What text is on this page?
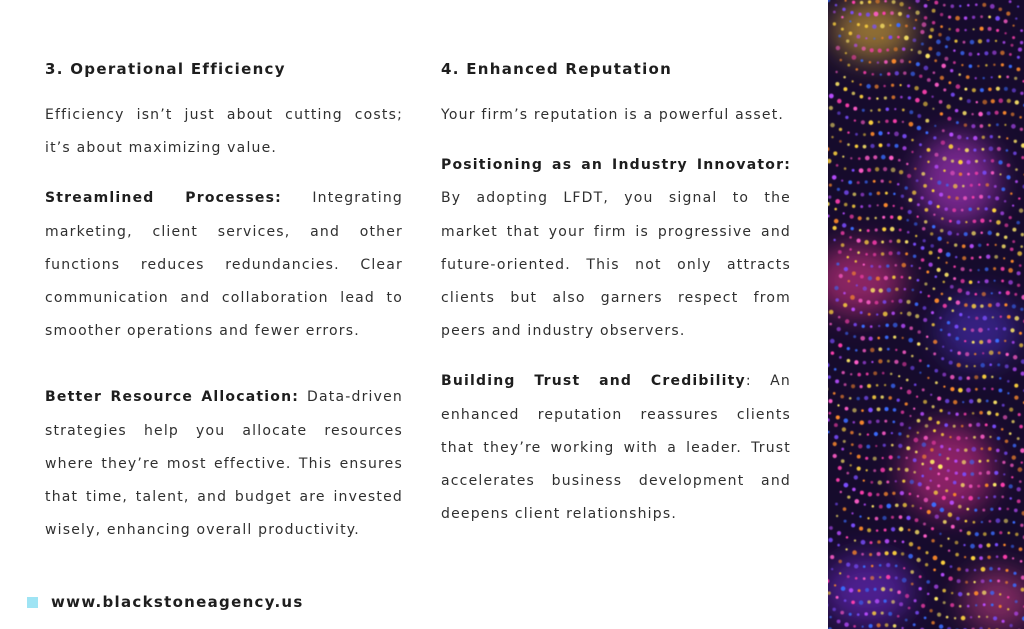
3. Operational Efficiency

Efficiency isn’t just about cutting costs; it’s about maximizing value.

Streamlined Processes: Integrating marketing, client services, and other functions reduces redundancies. Clear communication and collaboration lead to smoother operations and fewer errors.

Better Resource Allocation: Data-driven strategies help you allocate resources where they’re most effective. This ensures that time, talent, and budget are invested wisely, enhancing overall productivity.

4. Enhanced Reputation

Your firm’s reputation is a powerful asset.

Positioning as an Industry Innovator: By adopting LFDT, you signal to the market that your firm is progressive and future-oriented. This not only attracts clients but also garners respect from peers and industry observers.

Building Trust and Credibility: An enhanced reputation reassures clients that they’re working with a leader. Trust accelerates business development and deepens client relationships.

www.blackstoneagency.us
